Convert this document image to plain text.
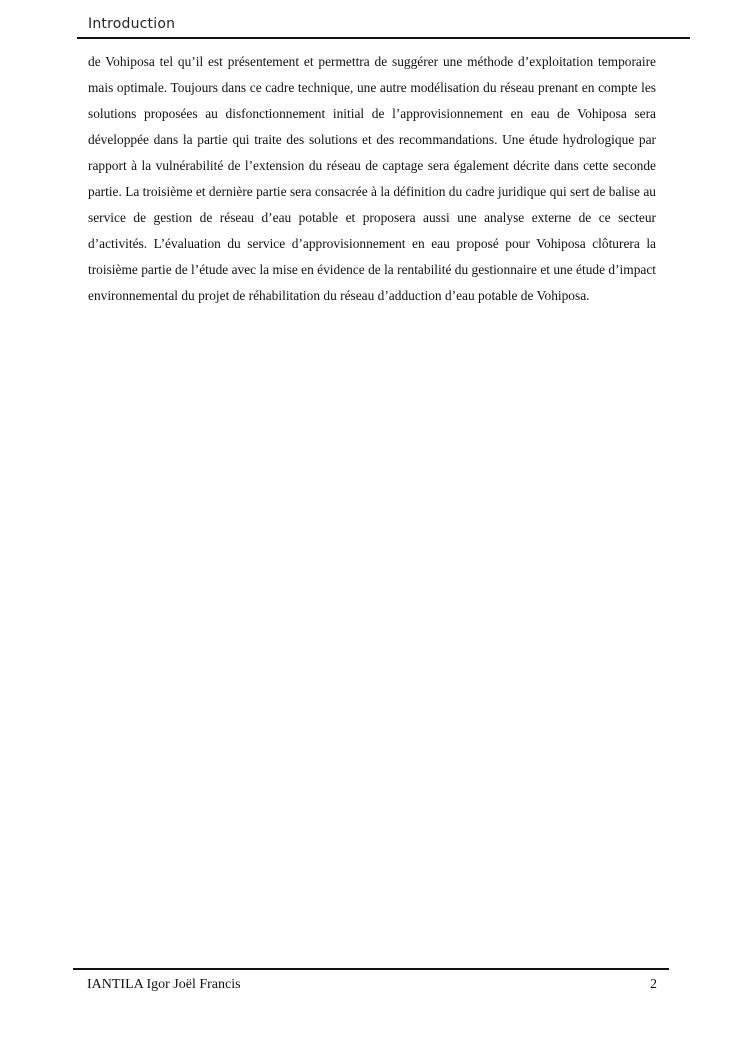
Introduction

de Vohiposa tel qu’il est présentement et permettra de suggérer une méthode d’exploitation temporaire mais optimale. Toujours dans ce cadre technique, une autre modélisation du réseau prenant en compte les solutions proposées au disfonctionnement initial de l’approvisionnement en eau de Vohiposa sera développée dans la partie qui traite des solutions et des recommandations. Une étude hydrologique par rapport à la vulnérabilité de l’extension du réseau de captage sera également décrite dans cette seconde partie. La troisième et dernière partie sera consacrée à la définition du cadre juridique qui sert de balise au service de gestion de réseau d’eau potable et proposera aussi une analyse externe de ce secteur d’activités. L’évaluation du service d’approvisionnement en eau proposé pour Vohiposa clôturera la troisième partie de l’étude avec la mise en évidence de la rentabilité du gestionnaire et une étude d’impact environnemental du projet de réhabilitation du réseau d’adduction d’eau potable de Vohiposa.

IANTILA Igor Joël Francis	2
